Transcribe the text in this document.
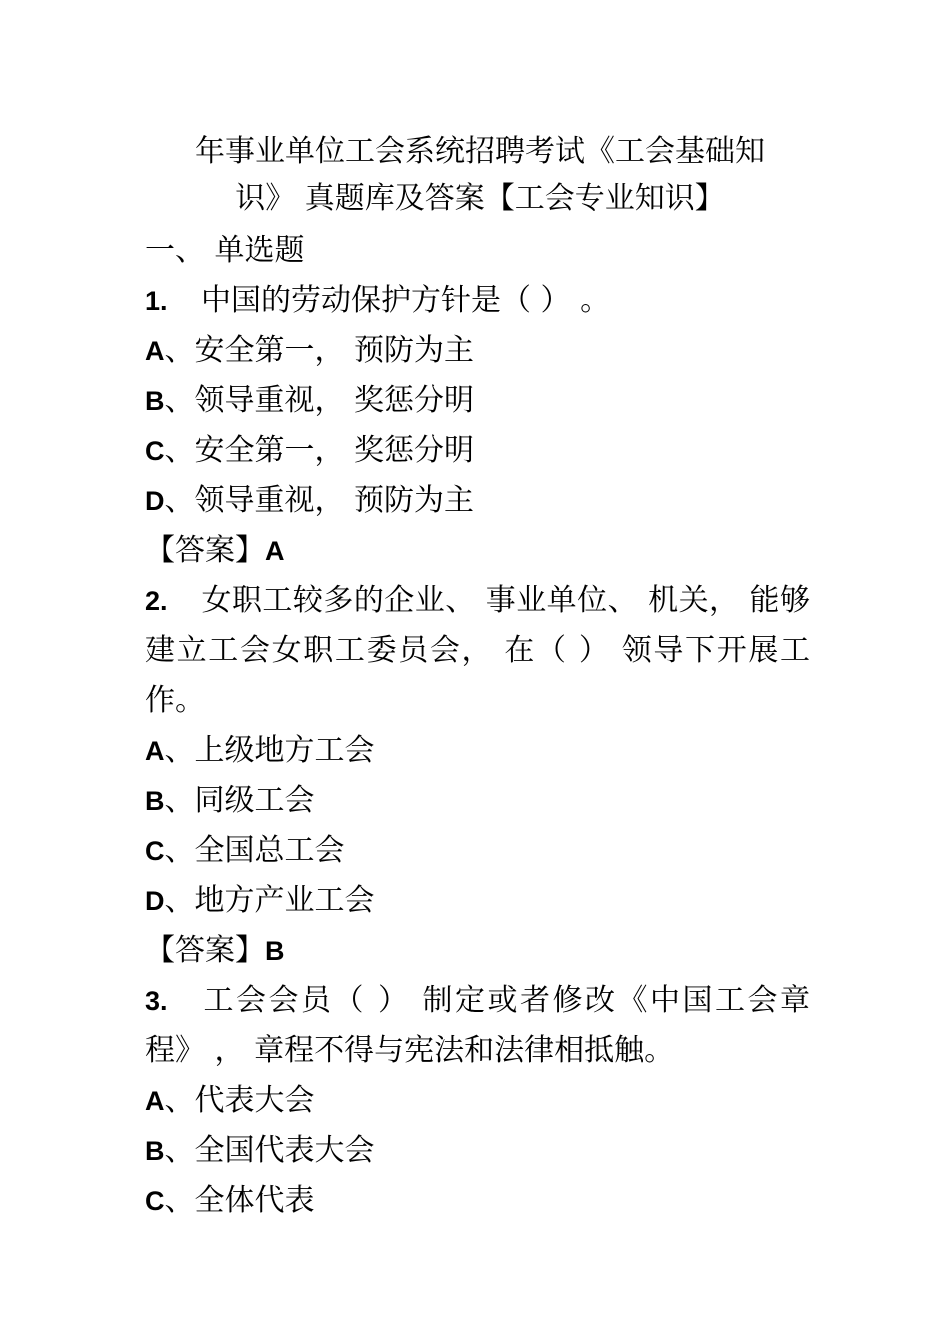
年事业单位工会系统招聘考试《工会基础知
识》 真题库及答案【工会专业知识】
一、 单选题
1. 中国的劳动保护方针是（ ） 。
A、安全第一， 预防为主
B、领导重视， 奖惩分明
C、安全第一， 奖惩分明
D、领导重视， 预防为主
【答案】A
2. 女职工较多的企业、 事业单位、 机关， 能够建立工会女职工委员会， 在（ ） 领导下开展工作。
A、上级地方工会
B、同级工会
C、全国总工会
D、地方产业工会
【答案】B
3. 工会会员（ ） 制定或者修改《中国工会章程》 ， 章程不得与宪法和法律相抵触。
A、代表大会
B、全国代表大会
C、全体代表
